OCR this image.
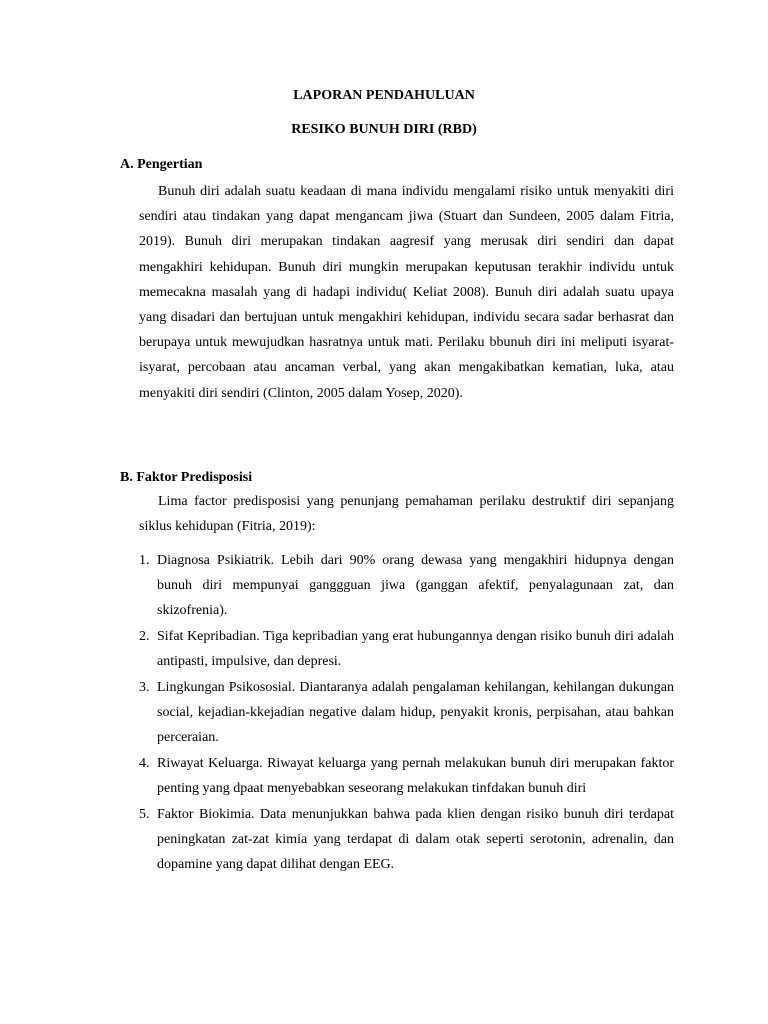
LAPORAN PENDAHULUAN
RESIKO BUNUH DIRI (RBD)
A. Pengertian

Bunuh diri adalah suatu keadaan di mana individu mengalami risiko untuk menyakiti diri sendiri atau tindakan yang dapat mengancam jiwa (Stuart dan Sundeen, 2005 dalam Fitria, 2019). Bunuh diri merupakan tindakan aagresif yang merusak diri sendiri dan dapat mengakhiri kehidupan. Bunuh diri mungkin merupakan keputusan terakhir individu untuk memecakna masalah yang di hadapi individu( Keliat 2008). Bunuh diri adalah suatu upaya yang disadari dan bertujuan untuk mengakhiri kehidupan, individu secara sadar berhasrat dan berupaya untuk mewujudkan hasratnya untuk mati. Perilaku bbunuh diri ini meliputi isyarat-isyarat, percobaan atau ancaman verbal, yang akan mengakibatkan kematian, luka, atau menyakiti diri sendiri (Clinton, 2005 dalam Yosep, 2020).

B. Faktor Predisposisi

Lima factor predisposisi yang penunjang pemahaman perilaku destruktif diri sepanjang siklus kehidupan (Fitria, 2019):

1. Diagnosa Psikiatrik. Lebih dari 90% orang dewasa yang mengakhiri hidupnya dengan bunuh diri mempunyai ganggguan jiwa (ganggan afektif, penyalagunaan zat, dan skizofrenia).
2. Sifat Kepribadian. Tiga kepribadian yang erat hubungannya dengan risiko bunuh diri adalah antipasti, impulsive, dan depresi.
3. Lingkungan Psikososial. Diantaranya adalah pengalaman kehilangan, kehilangan dukungan social, kejadian-kkejadian negative dalam hidup, penyakit kronis, perpisahan, atau bahkan perceraian.
4. Riwayat Keluarga. Riwayat keluarga yang pernah melakukan bunuh diri merupakan faktor penting yang dpaat menyebabkan seseorang melakukan tinfdakan bunuh diri
5. Faktor Biokimia. Data menunjukkan bahwa pada klien dengan risiko bunuh diri terdapat peningkatan zat-zat kimia yang terdapat di dalam otak seperti serotonin, adrenalin, dan dopamine yang dapat dilihat dengan EEG.
